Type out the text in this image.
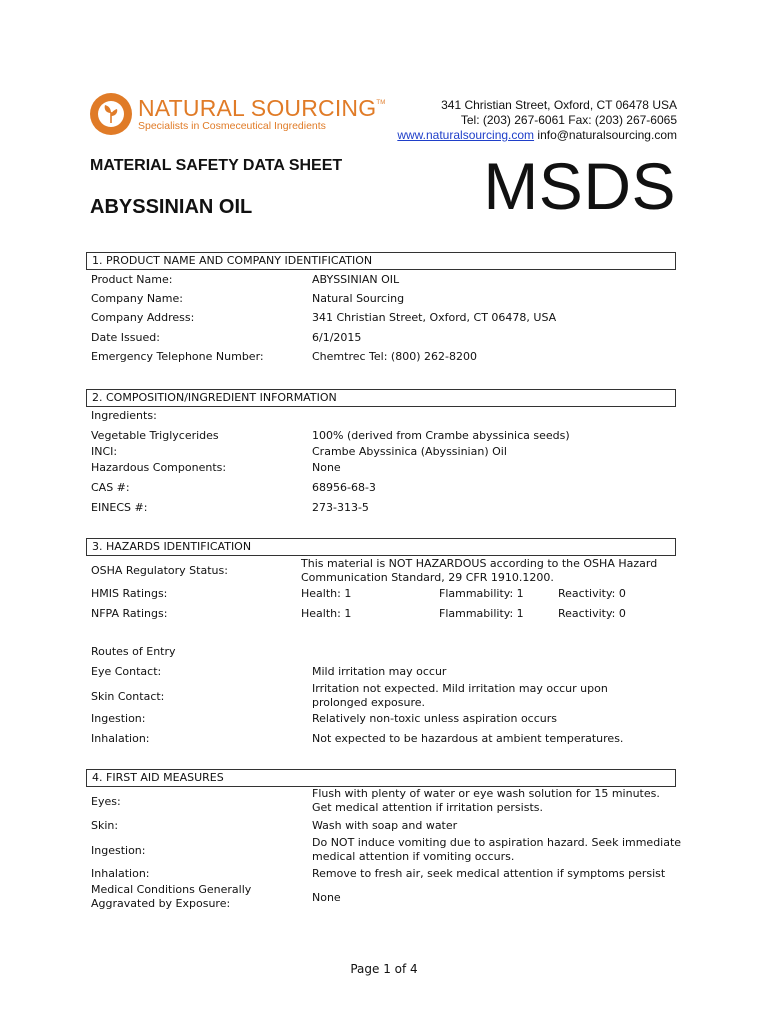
NATURAL SOURCING™
Specialists in Cosmeceutical Ingredients
341 Christian Street, Oxford, CT 06478 USA
Tel: (203) 267-6061 Fax: (203) 267-6065
www.naturalsourcing.com info@naturalsourcing.com
MATERIAL SAFETY DATA SHEET
ABYSSINIAN OIL	MSDS
1. PRODUCT NAME AND COMPANY IDENTIFICATION
Product Name:	ABYSSINIAN OIL
Company Name:	Natural Sourcing
Company Address:	341 Christian Street, Oxford, CT 06478, USA
Date Issued:	6/1/2015
Emergency Telephone Number:	Chemtrec Tel: (800) 262-8200
2. COMPOSITION/INGREDIENT INFORMATION
Ingredients:
Vegetable Triglycerides	100% (derived from Crambe abyssinica seeds)
INCI:	Crambe Abyssinica (Abyssinian) Oil
Hazardous Components:	None
CAS #:	68956-68-3
EINECS #:	273-313-5
3. HAZARDS IDENTIFICATION
OSHA Regulatory Status:
This material is NOT HAZARDOUS according to the OSHA Hazard Communication Standard, 29 CFR 1910.1200.
HMIS Ratings:	Health: 1	Flammability: 1	Reactivity: 0
NFPA Ratings:	Health: 1	Flammability: 1	Reactivity: 0
Routes of Entry
Eye Contact:	Mild irritation may occur
Skin Contact:
Irritation not expected. Mild irritation may occur upon prolonged exposure.
Ingestion:	Relatively non-toxic unless aspiration occurs
Inhalation:	Not expected to be hazardous at ambient temperatures.
4. FIRST AID MEASURES
Eyes:
Flush with plenty of water or eye wash solution for 15 minutes. Get medical attention if irritation persists.
Skin:	Wash with soap and water
Ingestion:
Do NOT induce vomiting due to aspiration hazard. Seek immediate medical attention if vomiting occurs.
Inhalation:	Remove to fresh air, seek medical attention if symptoms persist
Medical Conditions Generally Aggravated by Exposure:	None
Page 1 of 4
